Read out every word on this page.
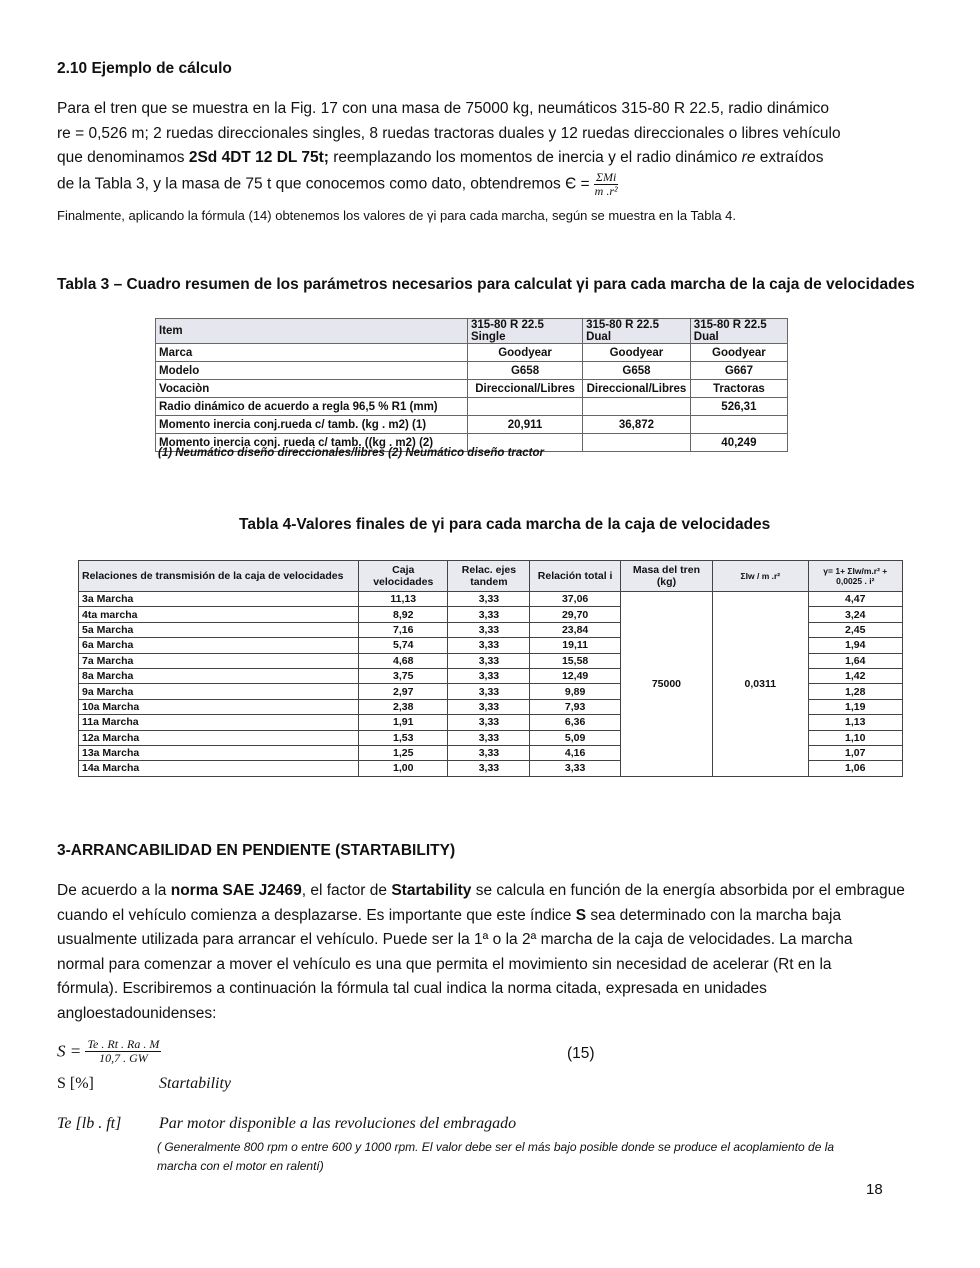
2.10 Ejemplo de cálculo
Para el tren que se muestra en la Fig. 17 con una masa de 75000 kg, neumáticos 315-80 R 22.5, radio dinámico
re = 0,526 m; 2 ruedas direccionales singles, 8 ruedas tractoras duales y 12 ruedas direccionales o libres vehículo
que denominamos 2Sd 4DT 12 DL 75t; reemplazando los momentos de inercia y el radio dinámico re extraídos
de la Tabla 3, y la masa de 75 t que conocemos como dato, obtendremos $Є = \frac{\text{ΣMi}}{\text{m .r²}}$
Finalmente, aplicando la fórmula (14) obtenemos los valores de γi para cada marcha, según se muestra en la Tabla 4.
Tabla 3 – Cuadro resumen de los parámetros necesarios para calculat γi para cada marcha de la caja de velocidades
Item	315-80 R 22.5 Single	315-80 R 22.5 Dual	315-80 R 22.5 Dual
Marca	Goodyear	Goodyear	Goodyear
Modelo	G658	G658	G667
Vocaciòn	Direccional/Libres	Direccional/Libres	Tractoras
Radio dinámico de acuerdo a regla 96,5 % R1 (mm)			526,31
Momento inercia conj.rueda c/ tamb. (kg . m2) (1)	20,911	36,872	
Momento inercia conj. rueda c/ tamb. ((kg . m2) (2)			40,249
(1) Neumático diseño direccionales/libres (2) Neumático diseño tractor
Tabla 4-Valores finales de γi para cada marcha de la caja de velocidades
Relaciones de transmisión de la caja de velocidades	Caja velocidades	Relac. ejes tandem	Relación total i	Masa del tren (kg)	ΣIw / m .r²	γ= 1+ ΣIw/m.r² + 0,0025 . i²
3a Marcha	11,13	3,33	37,06	75000	0,0311	4,47
4ta marcha	8,92	3,33	29,70			3,24
5a Marcha	7,16	3,33	23,84			2,45
6a Marcha	5,74	3,33	19,11			1,94
7a Marcha	4,68	3,33	15,58			1,64
8a Marcha	3,75	3,33	12,49			1,42
9a Marcha	2,97	3,33	9,89			1,28
10a Marcha	2,38	3,33	7,93			1,19
11a Marcha	1,91	3,33	6,36			1,13
12a Marcha	1,53	3,33	5,09			1,10
13a Marcha	1,25	3,33	4,16			1,07
14a Marcha	1,00	3,33	3,33			1,06
3-ARRANCABILIDAD EN PENDIENTE (STARTABILITY)
De acuerdo a la norma SAE J2469, el factor de Startability se calcula en función de la energía absorbida por el embrague
cuando el vehículo comienza a desplazarse. Es importante que este índice S sea determinado con la marcha baja
usualmente utilizada para arrancar el vehículo. Puede ser la 1ª o la 2ª marcha de la caja de velocidades. La marcha
normal para comenzar a mover el vehículo es una que permita el movimiento sin necesidad de acelerar (Rt en la
fórmula). Escribiremos a continuación la fórmula tal cual indica la norma citada, expresada en unidades
angloestadounidenses:
$S = \frac{Te . Rt . Ra . M}{10,7 . GW}$	(15)
S [%]	Startability
Te [lb . ft] Par motor disponible a las revoluciones del embragado
( Generalmente 800 rpm o entre 600 y 1000 rpm. El valor debe ser el más bajo posible donde se produce el acoplamiento de la
marcha con el motor en ralentí)
18
